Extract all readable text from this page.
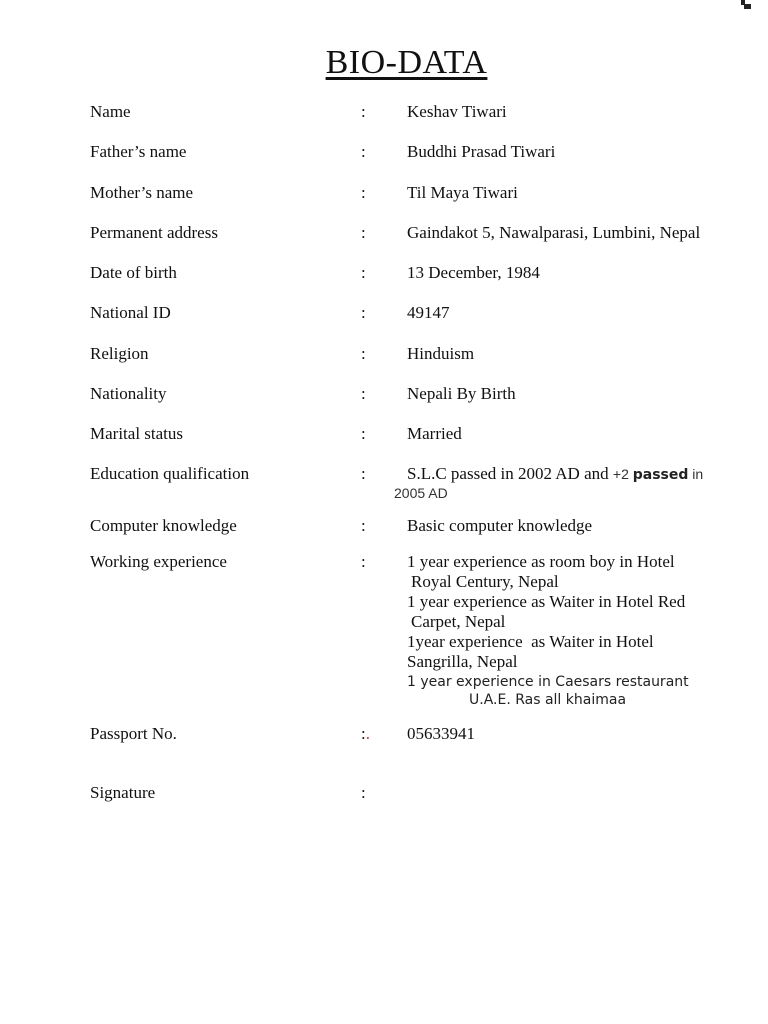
BIO-DATA
Name	: Keshav Tiwari
Father’s name	: Buddhi Prasad Tiwari
Mother’s name	: Til Maya Tiwari
Permanent address	: Gaindakot 5, Nawalparasi, Lumbini, Nepal
Date of birth	: 13 December, 1984
National ID	: 49147
Religion	: Hinduism
Nationality	: Nepali By Birth
Marital status	: Married
Education qualification	: S.L.C passed in 2002 AD and +2 passed in
2005 AD
Computer knowledge	: Basic computer knowledge
Working experience	: 1 year experience as room boy in Hotel
Royal Century, Nepal
1 year experience as Waiter in Hotel Red
Carpet, Nepal
1year experience  as Waiter in Hotel
Sangrilla, Nepal
1 year experience in Caesars restaurant
U.A.E. Ras all khaimaa
Passport No.	:. 05633941
Signature	:
